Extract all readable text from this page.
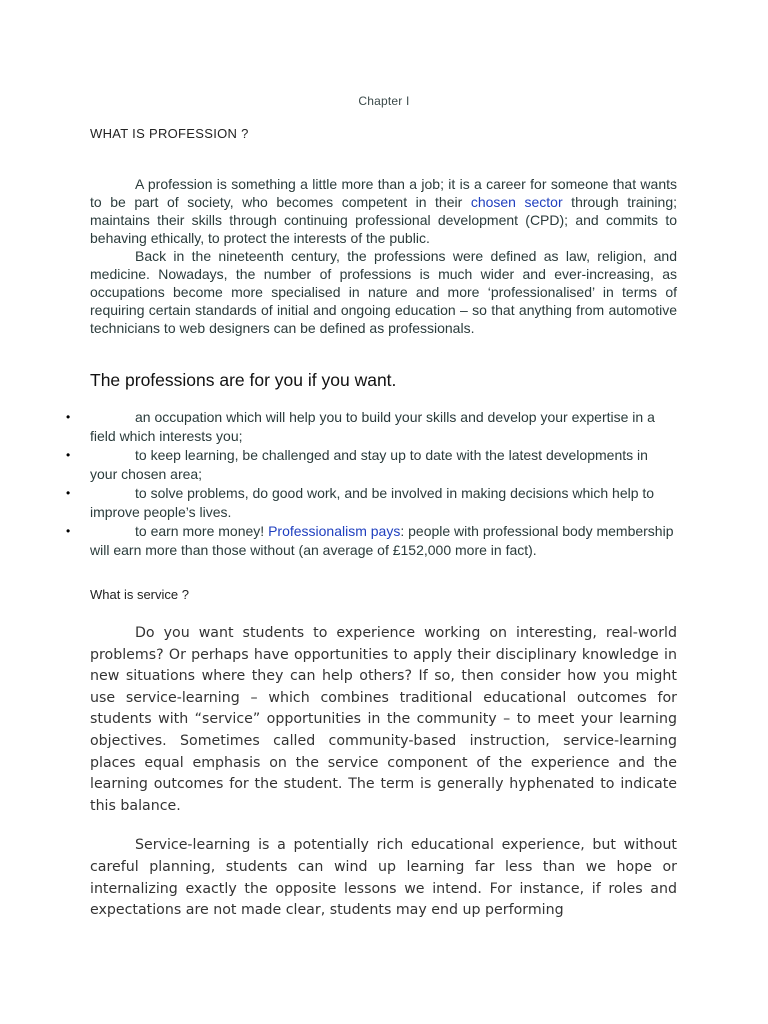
Chapter I
WHAT IS PROFESSION ?

A profession is something a little more than a job; it is a career for someone that wants to be part of society, who becomes competent in their chosen sector through training; maintains their skills through continuing professional development (CPD); and commits to behaving ethically, to protect the interests of the public.

Back in the nineteenth century, the professions were defined as law, religion, and medicine. Nowadays, the number of professions is much wider and ever-increasing, as occupations become more specialised in nature and more ‘professionalised’ in terms of requiring certain standards of initial and ongoing education – so that anything from automotive technicians to web designers can be defined as professionals.

The professions are for you if you want.
•	an occupation which will help you to build your skills and develop your expertise in a field which interests you;
•	to keep learning, be challenged and stay up to date with the latest developments in your chosen area;
•	to solve problems, do good work, and be involved in making decisions which help to improve people’s lives.
•	to earn more money! Professionalism pays: people with professional body membership will earn more than those without (an average of £152,000 more in fact).
What is service ?

Do you want students to experience working on interesting, real-world problems? Or perhaps have opportunities to apply their disciplinary knowledge in new situations where they can help others? If so, then consider how you might use service-learning – which combines traditional educational outcomes for students with “service” opportunities in the community – to meet your learning objectives. Sometimes called community-based instruction, service-learning places equal emphasis on the service component of the experience and the learning outcomes for the student. The term is generally hyphenated to indicate this balance.

Service-learning is a potentially rich educational experience, but without careful planning, students can wind up learning far less than we hope or internalizing exactly the opposite lessons we intend. For instance, if roles and expectations are not made clear, students may end up performing
